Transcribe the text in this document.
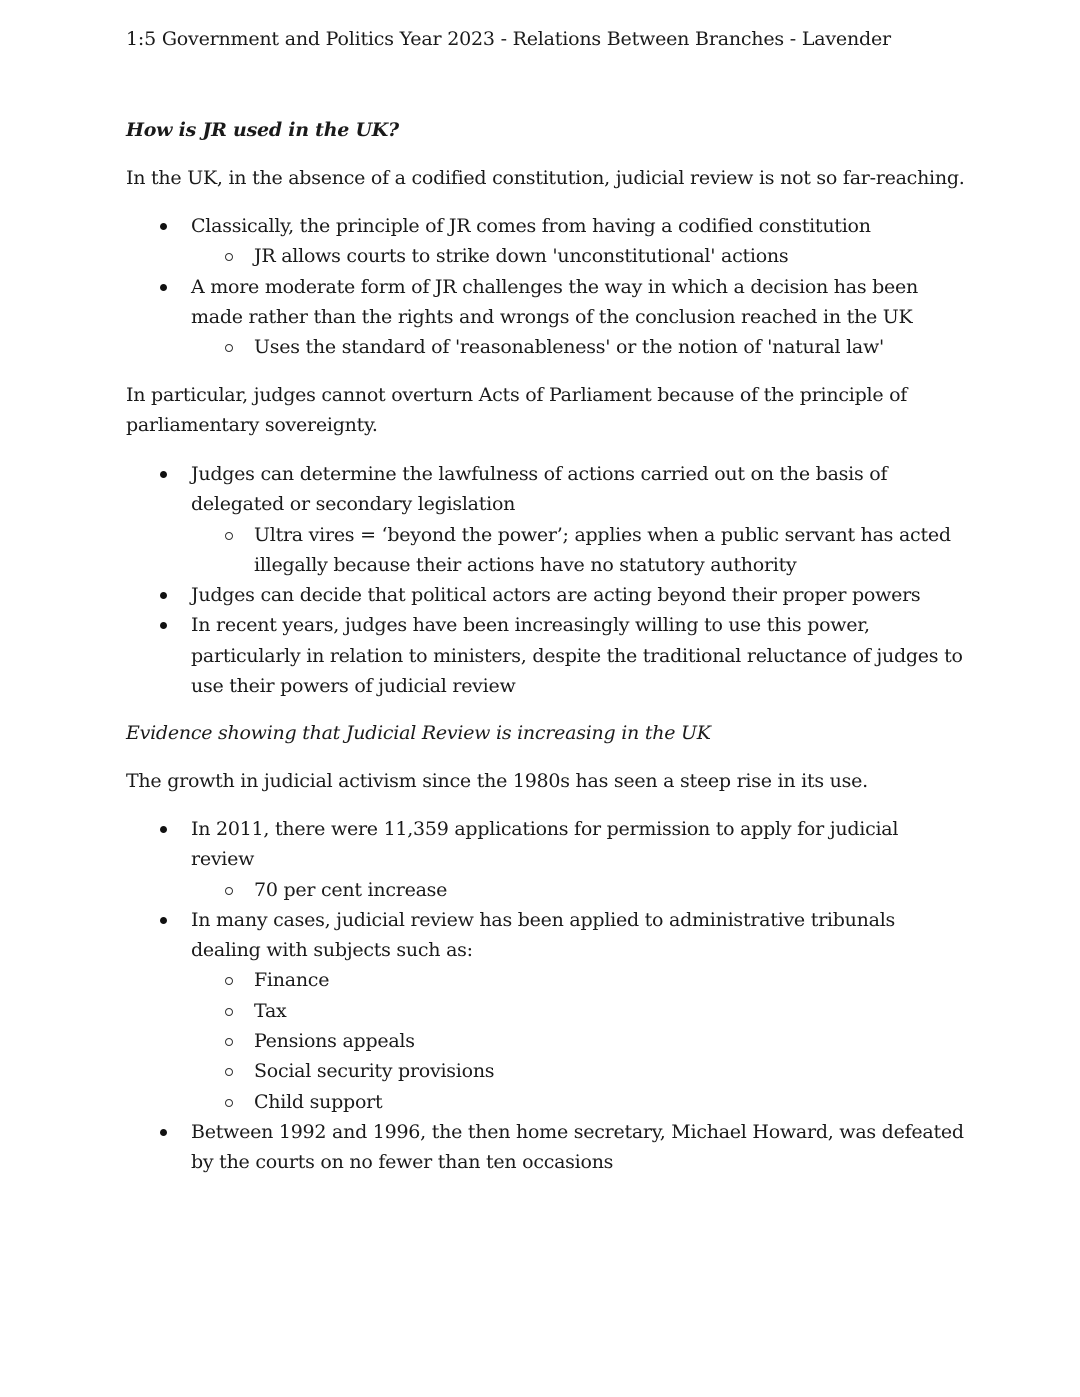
1:5 Government and Politics Year 2023 - Relations Between Branches - Lavender
How is JR used in the UK?
In the UK, in the absence of a codified constitution, judicial review is not so far-reaching.
Classically, the principle of JR comes from having a codified constitution
JR allows courts to strike down 'unconstitutional' actions
A more moderate form of JR challenges the way in which a decision has been made rather than the rights and wrongs of the conclusion reached in the UK
Uses the standard of 'reasonableness' or the notion of 'natural law'
In particular, judges cannot overturn Acts of Parliament because of the principle of parliamentary sovereignty.
Judges can determine the lawfulness of actions carried out on the basis of delegated or secondary legislation
Ultra vires = ‘beyond the power’; applies when a public servant has acted illegally because their actions have no statutory authority
Judges can decide that political actors are acting beyond their proper powers
In recent years, judges have been increasingly willing to use this power, particularly in relation to ministers, despite the traditional reluctance of judges to use their powers of judicial review
Evidence showing that Judicial Review is increasing in the UK
The growth in judicial activism since the 1980s has seen a steep rise in its use.
In 2011, there were 11,359 applications for permission to apply for judicial review
70 per cent increase
In many cases, judicial review has been applied to administrative tribunals dealing with subjects such as:
Finance
Tax
Pensions appeals
Social security provisions
Child support
Between 1992 and 1996, the then home secretary, Michael Howard, was defeated by the courts on no fewer than ten occasions
